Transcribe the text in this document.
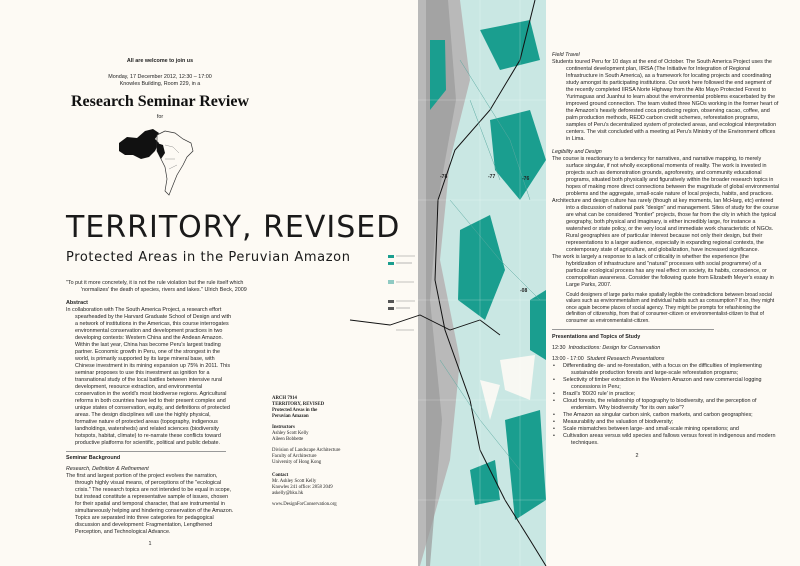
All are welcome to join us
Monday, 17 December 2012, 12:30 – 17:00
Knowles Building, Room 229, in a
Research Seminar Review
for
TERRITORY, REVISED
Protected Areas in the Peruvian Amazon
"To put it more concretely, it is not the rule violation but the rule itself which
'normalizes' the death of species, rivers and lakes." Ulrich Beck, 2009
Abstract
In collaboration with The South America Project, a research effort spearheaded by the Harvard Graduate School of Design and with a network of institutions in the Americas, this course interrogates environmental conservation and development practices in two developing contexts: Western China and the Andean Amazon. Within the last year, China has become Peru's largest trading partner. Economic growth in Peru, one of the strongest in the world, is primarily supported by its large mineral base, with Chinese investment in its mining expansion up 75% in 2011. This seminar proposes to use this investment as ignition for a transnational study of the local battles between intensive rural development, resource extraction, and environmental conservation in the world's most biodiverse regions. Agricultural reforms in both countries have led to their present complex and unique states of conservation, equity, and definitions of protected areas. The design disciplines will use the highly physical, formative nature of protected areas (topography, indigenous landholdings, watersheds) and related sciences (biodiversity hotspots, habitat, climate) to re-narrate these conflicts toward productive platforms for scientific, political and public debate.
Seminar Background
Research, Definition & Refinement
The first and largest portion of the project evolves the narration, through highly visual means, of perceptions of the "ecological crisis." The research topics are not intended to be equal in scope, but instead constitute a representative sample of issues, chosen for their spatial and temporal character, that are instrumental in simultaneously helping and hindering conservation of the Amazon. Topics are separated into three categories for pedagogical discussion and development: Fragmentation, Lengthened Perception, and Technological Advance.
1
ARCH 7914
TERRITORY, REVISED
Protected Areas in the
Peruvian Amazon
Instructors
Ashley Scott Kelly
Aileen Bobbette
Division of Landscape Architecture
Faculty of Architecture
University of Hong Kong
Contact
Mr. Ashley Scott Kelly
Knowles 241 office: 2858 2049
askelly@hku.hk
www.DesignForConservation.org
-78	-77	-76
-08
Field Travel
Students toured Peru for 10 days at the end of October. The South America Project uses the continental development plan, IIRSA (The Initiative for Integration of Regional Infrastructure in South America), as a framework for locating projects and coordinating study amongst its participating institutions. Our work here followed the end segment of the recently completed IIRSA Norte Highway from the Alto Mayo Protected Forest to Yurimaguas and Juanhui to learn about the environmental problems exacerbated by the improved ground connection. The team visited three NGOs working in the former heart of the Amazon's heavily deforested coca producing region, observing cacao, coffee, and palm production methods, REDD carbon credit schemes, reforestation programs, samples of Peru's decentralized system of protected areas, and ecological interpretation centers. The visit concluded with a meeting at Peru's Ministry of the Environment offices in Lima.
Legibility and Design
The course is reactionary to a tendency for narratives, and narrative mapping, to merely surface singular, if not wholly exceptional moments of reality. The work is invested in projects such as demonstration grounds, agroforestry, and community educational programs, situated both physically and figuratively within the broader research topics in hopes of making more direct connections between the magnitude of global environmental problems and the aggregate, small-scale nature of local projects, habits, and practices.
Architecture and design culture has rarely (though at key moments, Ian McHarg, etc) entered into a discussion of national park "design" and management. Sites of study for the course are what can be considered "frontier" projects, those far from the city in which the typical geography, both physical and imaginary, is either incredibly large, for instance a watershed or state policy, or the very local and immediate work characteristic of NGOs. Rural geographies are of particular interest because not only their design, but their representations to a larger audience, especially in expanding regional contexts, the contemporary state of agriculture, and globalization, have increased significance.
The work is largely a response to a lack of criticality in whether the experience (the hybridization of infrastructure and "natural" processes with social programme) of a particular ecological process has any real effect on society, its habits, conscience, or cosmopolitan awareness. Consider the following quote from Elizabeth Meyer's essay in Large Parks, 2007.
Could designers of large parks make spatially legible the contradictions between broad social values such as environmentalism and individual habits such as consumption? If so, they might once again become places of social agency. They might be prompts for refashioning the definition of citizenship, from that of consumer-citizen or environmentalist-citizen to that of consumer as environmentalist-citizen.
Presentations and Topics of Study
12:30 Introductions: Design for Conservation
13:00 - 17:00 Student Research Presentations
• Differentiating de- and re-forestation, with a focus on the difficulties of implementing sustainable production forests and large-scale reforestation programs;
• Selectivity of timber extraction in the Western Amazon and new commercial logging concessions in Peru;
• Brazil's '80/20 rule' in practice;
• Cloud forests, the relationship of topography to biodiversity, and the perception of endemism. Why biodiversity "for its own sake"?
• The Amazon as singular carbon sink, carbon markets, and carbon geographies;
• Measurability and the valuation of biodiversity;
• Scale mismatches between large- and small-scale mining operations; and
• Cultivation areas versus wild species and fallows versus forest in indigenous and modern techniques.
2
